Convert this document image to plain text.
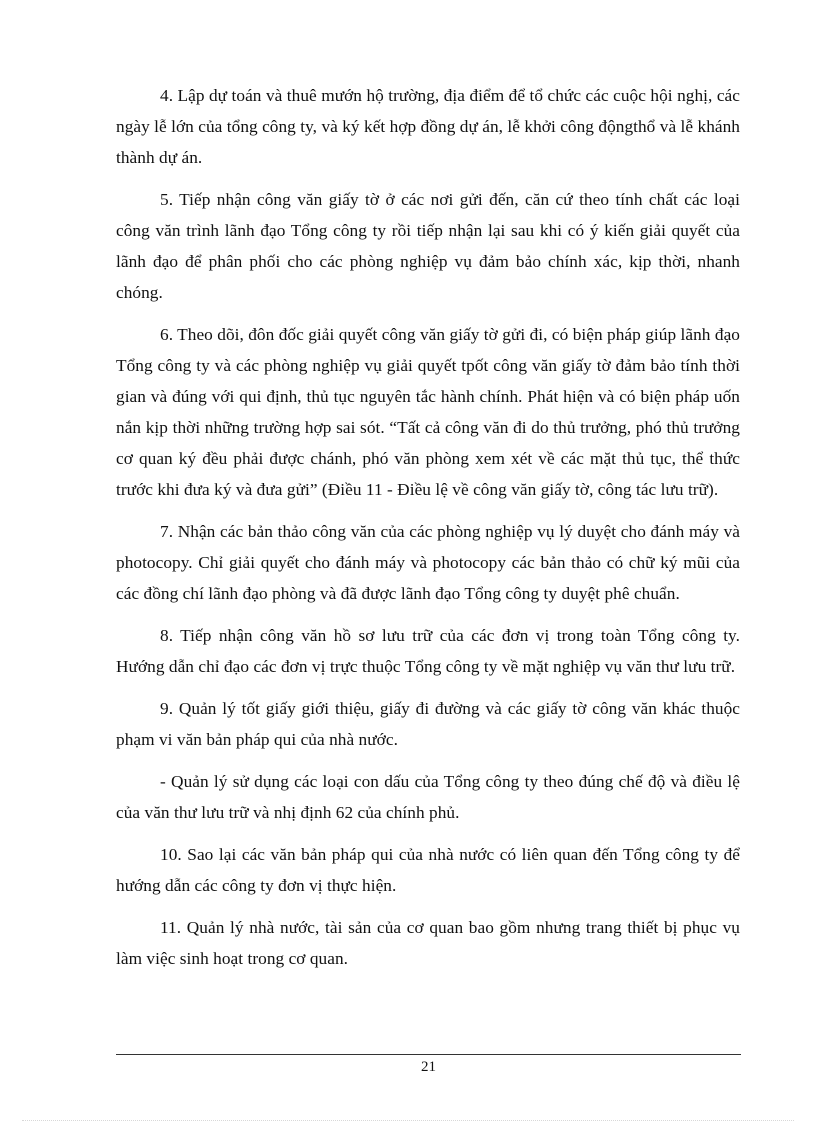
4. Lập dự toán và thuê mướn hộ trường, địa điểm để tổ chức các cuộc hội nghị, các ngày lễ lớn của tổng công ty, và ký kết hợp đồng dự án, lễ khởi công độngthổ và lễ khánh thành dự án.

5. Tiếp nhận công văn giấy tờ ở các nơi gửi đến, căn cứ theo tính chất các loại công văn trình lãnh đạo Tổng công ty rồi tiếp nhận lại sau khi có ý kiến giải quyết của lãnh đạo để phân phối cho các phòng nghiệp vụ đảm bảo chính xác, kịp thời, nhanh chóng.

6. Theo dõi, đôn đốc giải quyết công văn giấy tờ gửi đi, có biện pháp giúp lãnh đạo Tổng công ty và các phòng nghiệp vụ giải quyết tpốt công văn giấy tờ đảm bảo tính thời gian và đúng với qui định, thủ tục nguyên tắc hành chính. Phát hiện và có biện pháp uốn nắn kịp thời những trường hợp sai sót. “Tất cả công văn đi do thủ trưởng, phó thủ trưởng cơ quan ký đều phải được chánh, phó văn phòng xem xét về các mặt thủ tục, thể thức trước khi đưa ký và đưa gửi” (Điều 11 - Điều lệ về công văn giấy tờ, công tác lưu trữ).

7. Nhận các bản thảo công văn của các phòng nghiệp vụ lý duyệt cho đánh máy và photocopy. Chỉ giải quyết cho đánh máy và photocopy các bản thảo có chữ ký mũi của các đồng chí lãnh đạo phòng và đã được lãnh đạo Tổng công ty duyệt phê chuẩn.

8. Tiếp nhận công văn hồ sơ lưu trữ của các đơn vị trong toàn Tổng công ty. Hướng dẫn chỉ đạo các đơn vị trực thuộc Tổng công ty về mặt nghiệp vụ văn thư lưu trữ.

9. Quản lý tốt giấy giới thiệu, giấy đi đường và các giấy tờ công văn khác thuộc phạm vi văn bản pháp qui của nhà nước.

- Quản lý sử dụng các loại con dấu của Tổng công ty theo đúng chế độ và điều lệ của văn thư lưu trữ và nhị định 62 của chính phủ.

10. Sao lại các văn bản pháp qui của nhà nước có liên quan đến Tổng công ty để hướng dẫn các công ty đơn vị thực hiện.

11. Quản lý nhà nước, tài sản của cơ quan bao gồm nhưng trang thiết bị phục vụ làm việc sinh hoạt trong cơ quan.

21
